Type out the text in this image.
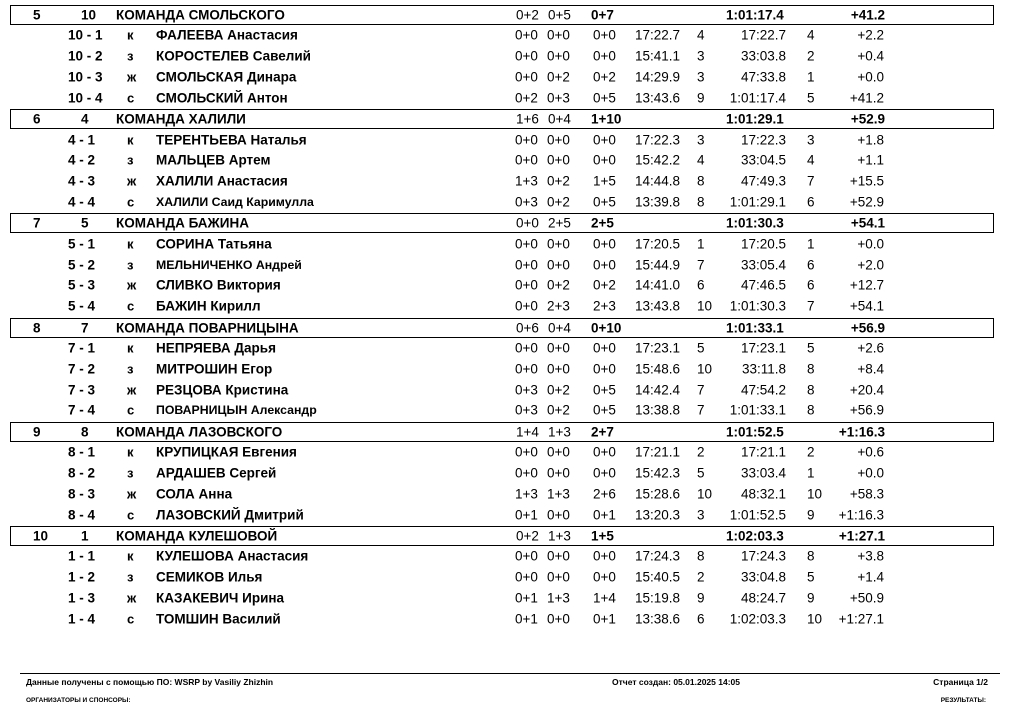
5	10 КОМАНДА СМОЛЬСКОГО	0+2 0+5 0+7	1:01:17.4	+41.2
10 - 1 к ФАЛЕЕВА Анастасия	0+0 0+0 0+0 17:22.7 4	17:22.7 4	+2.2
10 - 2 з КОРОСТЕЛЕВ Савелий	0+0 0+0 0+0 15:41.1 3	33:03.8 2	+0.4
10 - 3 ж СМОЛЬСКАЯ Динара	0+0 0+2 0+2 14:29.9 3	47:33.8 1	+0.0
10 - 4 с СМОЛЬСКИЙ Антон	0+2 0+3 0+5 13:43.6 9 1:01:17.4 5	+41.2
6	4 КОМАНДА ХАЛИЛИ	1+6 0+4 1+10	1:01:29.1	+52.9
4 - 1 к ТЕРЕНТЬЕВА Наталья	0+0 0+0 0+0 17:22.3 3	17:22.3 3	+1.8
4 - 2 з МАЛЬЦЕВ Артем	0+0 0+0 0+0 15:42.2 4	33:04.5 4	+1.1
4 - 3 ж ХАЛИЛИ Анастасия	1+3 0+2 1+5 14:44.8 8	47:49.3 7	+15.5
4 - 4 с ХАЛИЛИ Саид Каримулла	0+3 0+2 0+5 13:39.8 8 1:01:29.1 6	+52.9
7	5 КОМАНДА БАЖИНА	0+0 2+5 2+5	1:01:30.3	+54.1
5 - 1 к СОРИНА Татьяна	0+0 0+0 0+0 17:20.5 1	17:20.5 1	+0.0
5 - 2 з МЕЛЬНИЧЕНКО Андрей	0+0 0+0 0+0 15:44.9 7	33:05.4 6	+2.0
5 - 3 ж СЛИВКО Виктория	0+0 0+2 0+2 14:41.0 6	47:46.5 6	+12.7
5 - 4 с БАЖИН Кирилл	0+0 2+3 2+3 13:43.8 10 1:01:30.3 7	+54.1
8	7 КОМАНДА ПОВАРНИЦЫНА	0+6 0+4 0+10	1:01:33.1	+56.9
7 - 1 к НЕПРЯЕВА Дарья	0+0 0+0 0+0 17:23.1 5	17:23.1 5	+2.6
7 - 2 з МИТРОШИН Егор	0+0 0+0 0+0 15:48.6 10 33:11.8 8	+8.4
7 - 3 ж РЕЗЦОВА Кристина	0+3 0+2 0+5 14:42.4 7	47:54.2 8	+20.4
7 - 4 с ПОВАРНИЦЫН Александр	0+3 0+2 0+5 13:38.8 7 1:01:33.1 8	+56.9
9	8 КОМАНДА ЛАЗОВСКОГО	1+4 1+3 2+7	1:01:52.5	+1:16.3
8 - 1 к КРУПИЦКАЯ Евгения	0+0 0+0 0+0 17:21.1 2	17:21.1 2	+0.6
8 - 2 з АРДАШЕВ Сергей	0+0 0+0 0+0 15:42.3 5	33:03.4 1	+0.0
8 - 3 ж СОЛА Анна	1+3 1+3 2+6 15:28.6 10 48:32.1 10 +58.3
8 - 4 с ЛАЗОВСКИЙ Дмитрий	0+1 0+0 0+1 13:20.3 3 1:01:52.5 9 +1:16.3
10 1 КОМАНДА КУЛЕШОВОЙ	0+2 1+3 1+5	1:02:03.3	+1:27.1
1 - 1 к КУЛЕШОВА Анастасия	0+0 0+0 0+0 17:24.3 8	17:24.3 8	+3.8
1 - 2 з СЕМИКОВ Илья	0+0 0+0 0+0 15:40.5 2	33:04.8 5	+1.4
1 - 3 ж КАЗАКЕВИЧ Ирина	0+1 1+3 1+4 15:19.8 9	48:24.7 9	+50.9
1 - 4 с ТОМШИН Василий	0+1 0+0 0+1 13:38.6 6 1:02:03.3 10 +1:27.1
Данные получены с помощью ПО: WSRP by Vasiliy Zhizhin	Отчет создан: 05.01.2025 14:05	Страница 1/2
ОРГАНИЗАТОРЫ И СПОНСОРЫ:	РЕЗУЛЬТАТЫ:
